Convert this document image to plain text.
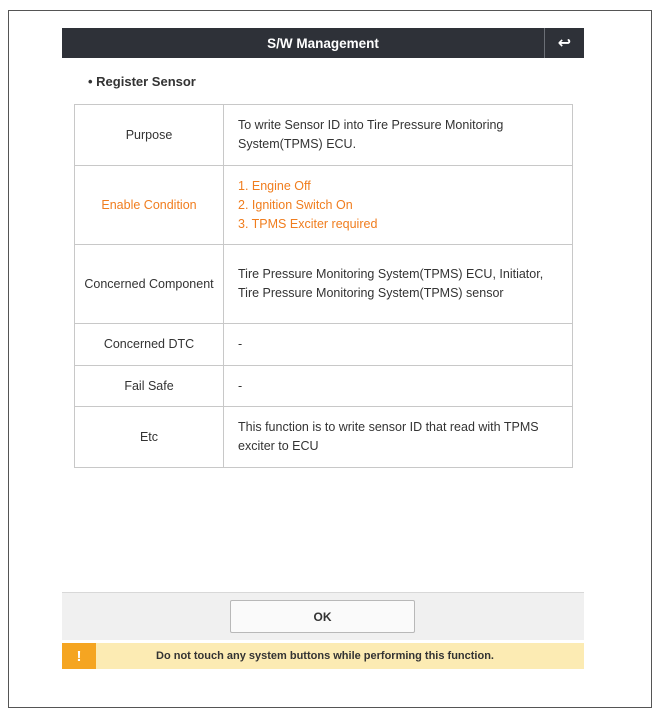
S/W Management	↩
• Register Sensor
Purpose	To write Sensor ID into Tire Pressure Monitoring System(TPMS) ECU.
Enable Condition	1. Engine Off
2. Ignition Switch On
3. TPMS Exciter required

Concerned Component	Tire Pressure Monitoring System(TPMS) ECU, Initiator, Tire Pressure Monitoring System(TPMS) sensor
Concerned DTC	-
Fail Safe	-
Etc	This function is to write sensor ID that read with TPMS exciter to ECU
OK
!	Do not touch any system buttons while performing this function.
